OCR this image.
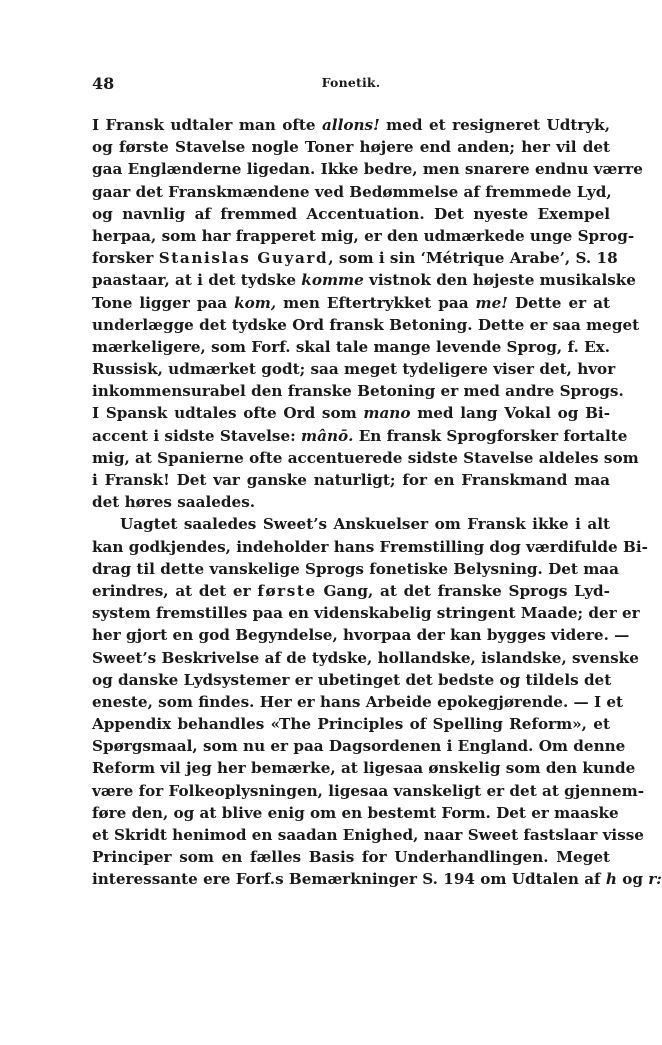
48	Fonetik.
I Fransk udtaler man ofte allons! med et resigneret Udtryk,
og første Stavelse nogle Toner højere end anden; her vil det
gaa Englænderne ligedan. Ikke bedre, men snarere endnu værre
gaar det Franskmændene ved Bedømmelse af fremmede Lyd,
og navnlig af fremmed Accentuation. Det nyeste Exempel
herpaa, som har frapperet mig, er den udmærkede unge Sprog-
forsker Stanislas Guyard, som i sin ‘Métrique Arabe’, S. 18
paastaar, at i det tydske komme vistnok den højeste musikalske
Tone ligger paa kom, men Eftertrykket paa me! Dette er at
underlægge det tydske Ord fransk Betoning. Dette er saa meget
mærkeligere, som Forf. skal tale mange levende Sprog, f. Ex.
Russisk, udmærket godt; saa meget tydeligere viser det, hvor
inkommensurabel den franske Betoning er med andre Sprogs.
I Spansk udtales ofte Ord som mano med lang Vokal og Bi-
accent i sidste Stavelse: mânō. En fransk Sprogforsker fortalte
mig, at Spanierne ofte accentuerede sidste Stavelse aldeles som
i Fransk! Det var ganske naturligt; for en Franskmand maa
det høres saaledes.
Uagtet saaledes Sweet’s Anskuelser om Fransk ikke i alt
kan godkjendes, indeholder hans Fremstilling dog værdifulde Bi-
drag til dette vanskelige Sprogs fonetiske Belysning. Det maa
erindres, at det er første Gang, at det franske Sprogs Lyd-
system fremstilles paa en videnskabelig stringent Maade; der er
her gjort en god Begyndelse, hvorpaa der kan bygges videre. —
Sweet’s Beskrivelse af de tydske, hollandske, islandske, svenske
og danske Lydsystemer er ubetinget det bedste og tildels det
eneste, som findes. Her er hans Arbeide epokegjørende. — I et
Appendix behandles «The Principles of Spelling Reform», et
Spørgsmaal, som nu er paa Dagsordenen i England. Om denne
Reform vil jeg her bemærke, at ligesaa ønskelig som den kunde
være for Folkeoplysningen, ligesaa vanskeligt er det at gjennem-
føre den, og at blive enig om en bestemt Form. Det er maaske
et Skridt henimod en saadan Enighed, naar Sweet fastslaar visse
Principer som en fælles Basis for Underhandlingen. Meget
interessante ere Forf.s Bemærkninger S. 194 om Udtalen af h og r:
